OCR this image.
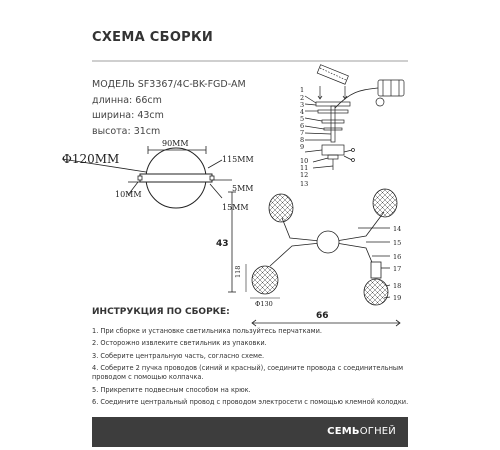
СХЕМА СБОРКИ
МОДЕЛЬ SF3367/4C-BK-FGD-AM
длинна: 66cm
ширина: 43cm
высота: 31cm
90MM
Φ120MM	115MM
5MM
10MM
15MM
1
2
3
4
5
6
7
8
9
10
11
12
13
43
66
118
Φ130
14
15
16
17
18
19
ИНСТРУКЦИЯ ПО СБОРКЕ:
1. При сборке и установке светильника пользуйтесь перчатками.
2. Осторожно извлеките светильник из упаковки.
3. Соберите центральную часть, согласно схеме.
4. Соберите 2 пучка проводов (синий и красный), соедините провода с соединительным проводом с помощью колпачка.
5. Прикрепите подвесным способом на крюк.
6. Соедините центральный провод с проводом электросети с помощью клемной колодки.
СЕМЬОГНЕЙ
